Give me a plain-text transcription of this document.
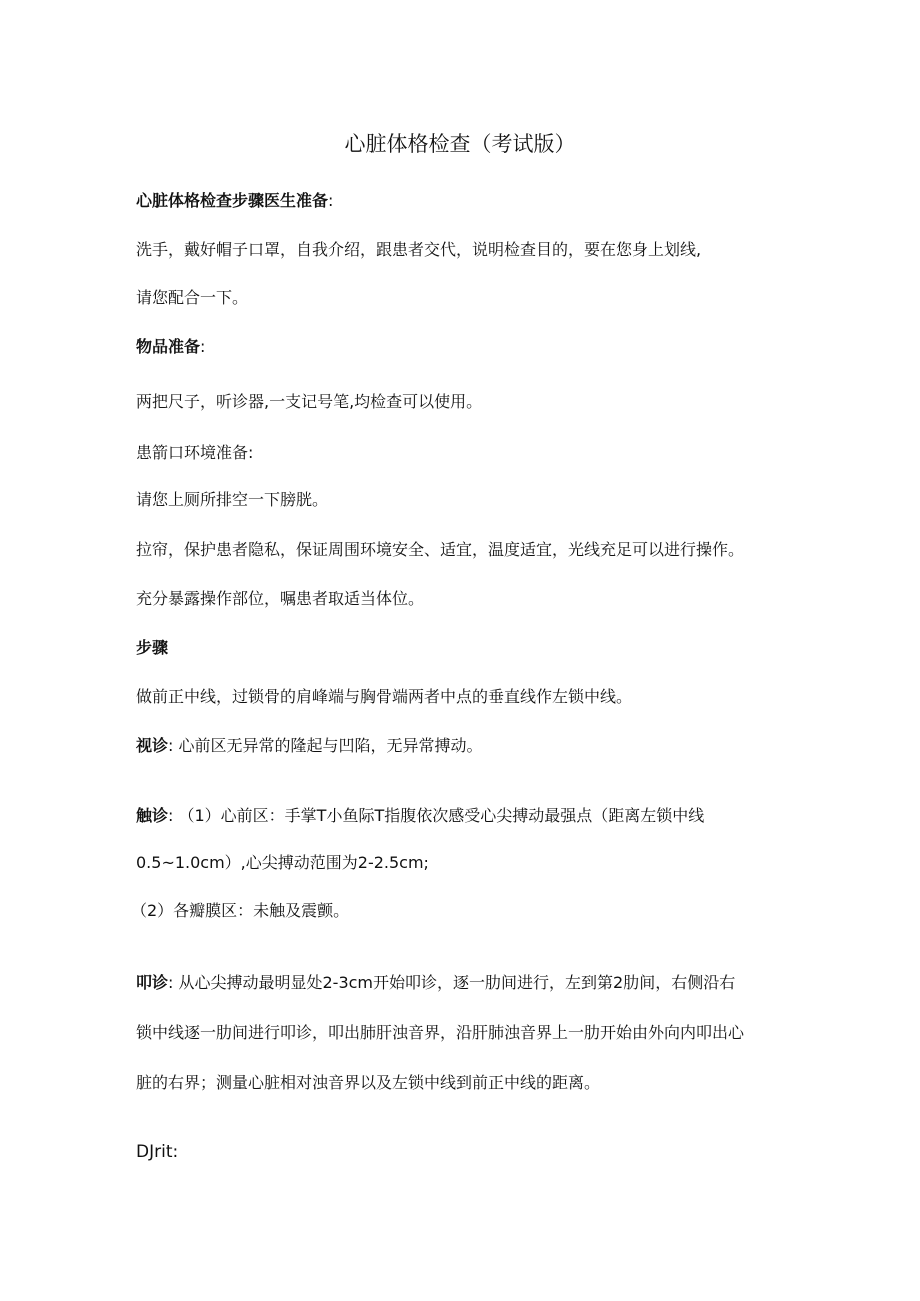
心脏体格检查（考试版）
心脏体格检查步骤医生准备:
洗手，戴好帽子口罩，自我介绍，跟患者交代，说明检查目的，要在您身上划线,
请您配合一下。
物品准备:
两把尺子，听诊器,一支记号笔,均检查可以使用。
患箭口环境准备:
请您上厕所排空一下膀胱。
拉帘，保护患者隐私，保证周围环境安全、适宜，温度适宜，光线充足可以进行操作。
充分暴露操作部位，嘱患者取适当体位。
步骤
做前正中线，过锁骨的肩峰端与胸骨端两者中点的垂直线作左锁中线。
视诊: 心前区无异常的隆起与凹陷，无异常搏动。
触诊: （1）心前区：手掌T小鱼际T指腹依次感受心尖搏动最强点（距离左锁中线
0.5~1.0cm）,心尖搏动范围为2-2.5cm;
（2）各瓣膜区：未触及震颤。
叩诊: 从心尖搏动最明显处2-3cm开始叩诊，逐一肋间进行，左到第2肋间，右侧沿右
锁中线逐一肋间进行叩诊，叩出肺肝浊音界，沿肝肺浊音界上一肋开始由外向内叩出心
脏的右界；测量心脏相对浊音界以及左锁中线到前正中线的距离。
DJrit:
